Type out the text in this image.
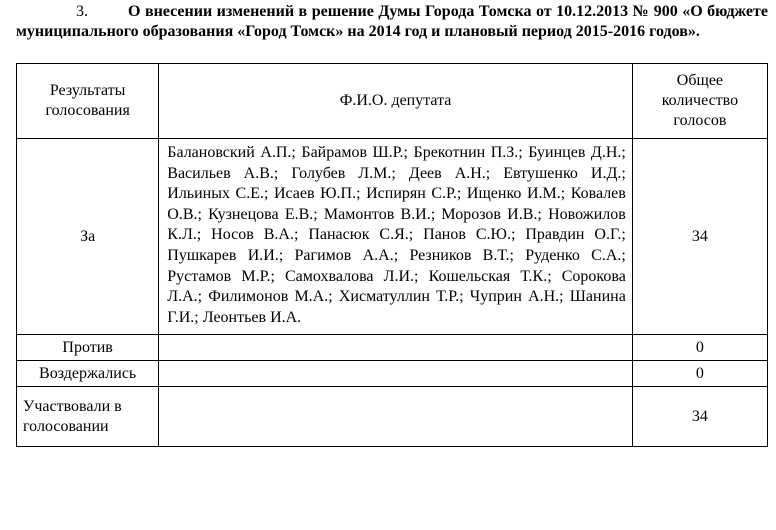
3.	О внесении изменений в решение Думы Города Томска от 10.12.2013 № 900 «О бюджете муниципального образования «Город Томск» на 2014 год и плановый период 2015-2016 годов».
Результаты голосования	Ф.И.О. депутата	Общее количество голосов
За	Балановский А.П.; Байрамов Ш.Р.; Брекотнин П.З.; Буинцев Д.Н.; Васильев А.В.; Голубев Л.М.; Деев А.Н.; Евтушенко И.Д.; Ильиных С.Е.; Исаев Ю.П.; Испирян С.Р.; Ищенко И.М.; Ковалев О.В.; Кузнецова Е.В.; Мамонтов В.И.; Морозов И.В.; Новожилов К.Л.; Носов В.А.; Панасюк С.Я.; Панов С.Ю.; Правдин О.Г.; Пушкарев И.И.; Рагимов А.А.; Резников В.Т.; Руденко С.А.; Рустамов М.Р.; Самохвалова Л.И.; Кошельская Т.К.; Сорокова Л.А.; Филимонов М.А.; Хисматуллин Т.Р.; Чуприн А.Н.; Шанина Г.И.; Леонтьев И.А.	34
Против		0
Воздержались		0
Участвовали в голосовании		34
